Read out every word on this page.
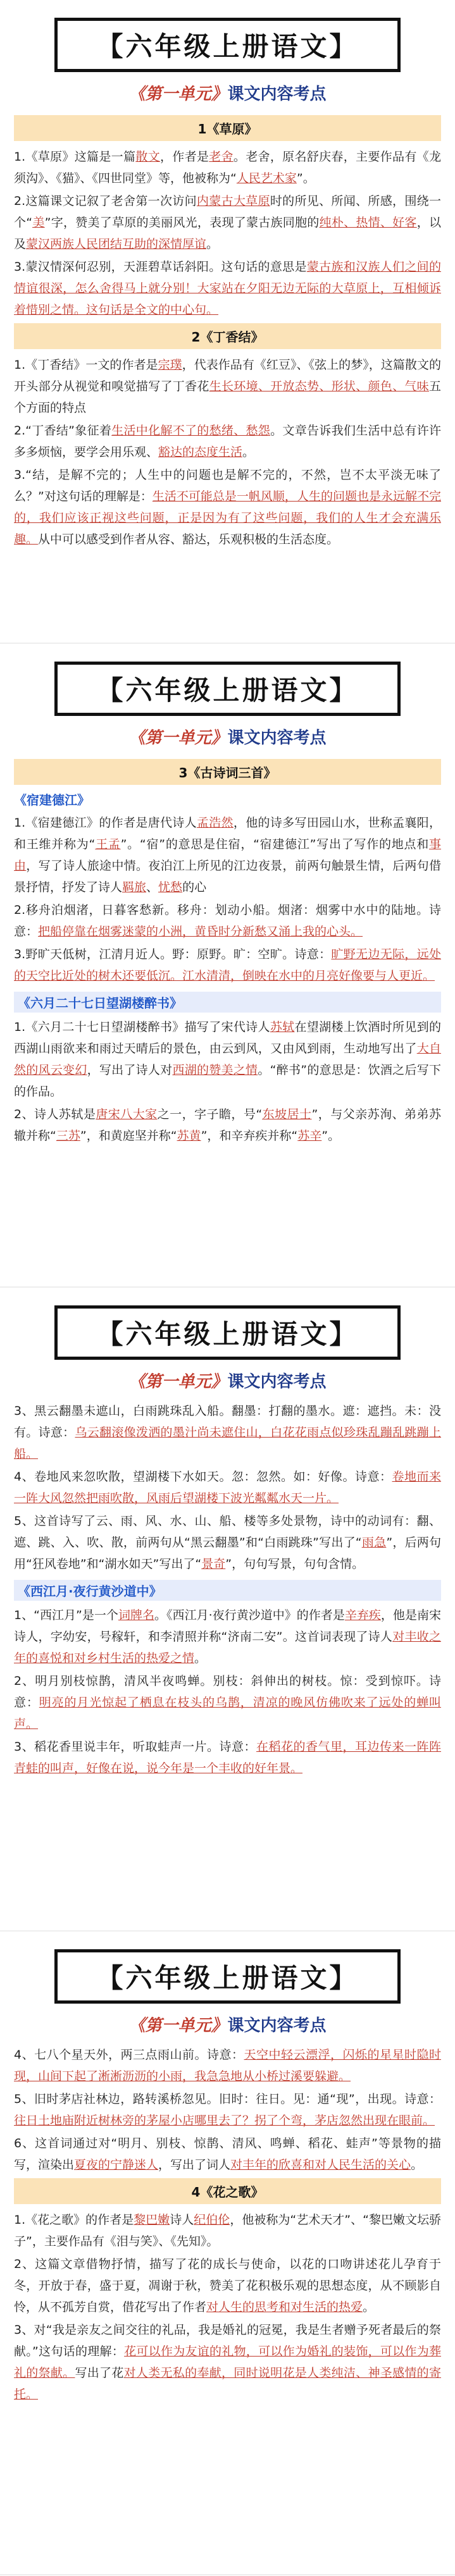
【六年级上册语文】
《第一单元》课文内容考点
1《草原》

1.《草原》这篇是一篇散文，作者是老舍。老舍，原名舒庆春，主要作品有《龙须沟》、《猫》、《四世同堂》等，他被称为“人民艺术家”。

2.这篇课文记叙了老舍第一次访问内蒙古大草原时的所见、所闻、所感，围绕一个“美”字，赞美了草原的美丽风光，表现了蒙古族同胞的纯朴、热情、好客，以及蒙汉两族人民团结互助的深情厚谊。

3.蒙汉情深何忍别，天涯碧草话斜阳。这句话的意思是蒙古族和汉族人们之间的情谊很深，怎么舍得马上就分别！大家站在夕阳无边无际的大草原上，互相倾诉着惜别之情。这句话是全文的中心句。

2《丁香结》

1.《丁香结》一文的作者是宗璞，代表作品有《红豆》、《弦上的梦》，这篇散文的开头部分从视觉和嗅觉描写了丁香花生长环境、开放态势、形状、颜色、气味五个方面的特点

2.“丁香结”象征着生活中化解不了的愁绪、愁怨。文章告诉我们生活中总有许许多多烦恼，要学会用乐观、豁达的态度生活。

3.“结，是解不完的；人生中的问题也是解不完的，不然，岂不太平淡无味了么？”对这句话的理解是：生活不可能总是一帆风顺，人生的问题也是永远解不完的，我们应该正视这些问题，正是因为有了这些问题，我们的人生才会充满乐趣。从中可以感受到作者从容、豁达，乐观积极的生活态度。

【六年级上册语文】
《第一单元》课文内容考点
3《古诗词三首》
《宿建德江》

1.《宿建德江》的作者是唐代诗人孟浩然，他的诗多写田园山水，世称孟襄阳，和王维并称为“王孟”。“宿”的意思是住宿，“宿建德江”写出了写作的地点和事由，写了诗人旅途中情。夜泊江上所见的江边夜景，前两句触景生情，后两句借景抒情，抒发了诗人羁旅、忧愁的心

2.移舟泊烟渚，日暮客愁新。移舟：划动小船。烟渚：烟雾中水中的陆地。诗意：把船停靠在烟雾迷蒙的小洲，黄昏时分新愁又涌上我的心头。

3.野旷天低树，江清月近人。野：原野。旷：空旷。诗意：旷野无边无际，远处的天空比近处的树木还要低沉。江水清清，倒映在水中的月亮好像要与人更近。

《六月二十七日望湖楼醉书》

1.《六月二十七日望湖楼醉书》描写了宋代诗人苏轼在望湖楼上饮酒时所见到的西湖山雨欲来和雨过天晴后的景色，由云到风，又由风到雨，生动地写出了大自然的风云变幻，写出了诗人对西湖的赞美之情。“醉书”的意思是：饮酒之后写下的作品。

2、诗人苏轼是唐宋八大家之一，字子瞻，号“东坡居士”，与父亲苏洵、弟弟苏辙并称“三苏”，和黄庭坚并称“苏黄”，和辛弃疾并称“苏辛”。

【六年级上册语文】
《第一单元》课文内容考点

3、黑云翻墨未遮山，白雨跳珠乱入船。翻墨：打翻的墨水。遮：遮挡。未：没有。诗意：乌云翻滚像泼洒的墨汁尚未遮住山，白花花雨点似珍珠乱蹦乱跳蹦上船。

4、卷地风来忽吹散，望湖楼下水如天。忽：忽然。如：好像。诗意：卷地而来一阵大风忽然把雨吹散，风雨后望湖楼下波光粼粼水天一片。

5、这首诗写了云、雨、风、水、山、船、楼等多处景物，诗中的动词有：翻、遮、跳、入、吹、散，前两句从“黑云翻墨”和“白雨跳珠”写出了“雨急”，后两句用“狂风卷地”和“湖水如天”写出了“景奇”，句句写景，句句含情。

《西江月·夜行黄沙道中》

1、“西江月”是一个词牌名。《西江月·夜行黄沙道中》的作者是辛弃疾，他是南宋诗人，字幼安，号稼轩，和李清照并称“济南二安”。这首词表现了诗人对丰收之年的喜悦和对乡村生活的热爱之情。

2、明月别枝惊鹊，清风半夜鸣蝉。别枝：斜伸出的树枝。惊：受到惊吓。诗意：明亮的月光惊起了栖息在枝头的乌鹊，清凉的晚风仿佛吹来了远处的蝉叫声。

3、稻花香里说丰年，听取蛙声一片。诗意：在稻花的香气里，耳边传来一阵阵青蛙的叫声，好像在说，说今年是一个丰收的好年景。

【六年级上册语文】
《第一单元》课文内容考点

4、七八个星天外，两三点雨山前。诗意：天空中轻云漂浮，闪烁的星星时隐时现，山间下起了淅淅沥沥的小雨，我急急地从小桥过溪要躲避。

5、旧时茅店社林边，路转溪桥忽见。旧时：往日。见：通“现”，出现。诗意：往日土地庙附近树林旁的茅屋小店哪里去了？拐了个弯，茅店忽然出现在眼前。

6、这首词通过对“明月、别枝、惊鹊、清风、鸣蝉、稻花、蛙声”等景物的描写，渲染出夏夜的宁静迷人，写出了词人对丰年的欣喜和对人民生活的关心。

4《花之歌》

1.《花之歌》的作者是黎巴嫩诗人纪伯伦，他被称为“艺术天才”、“黎巴嫩文坛骄子”，主要作品有《泪与笑》、《先知》。

2、这篇文章借物抒情，描写了花的成长与使命，以花的口吻讲述花儿孕育于冬，开放于春，盛于夏，凋谢于秋，赞美了花积极乐观的思想态度，从不顾影自怜，从不孤芳自赏，借花写出了作者对人生的思考和对生活的热爱。

3、对“我是亲友之间交往的礼品，我是婚礼的冠冕，我是生者赠予死者最后的祭献。”这句话的理解：花可以作为友谊的礼物，可以作为婚礼的装饰，可以作为葬礼的祭献。写出了花对人类无私的奉献，同时说明花是人类纯洁、神圣感情的寄托。
